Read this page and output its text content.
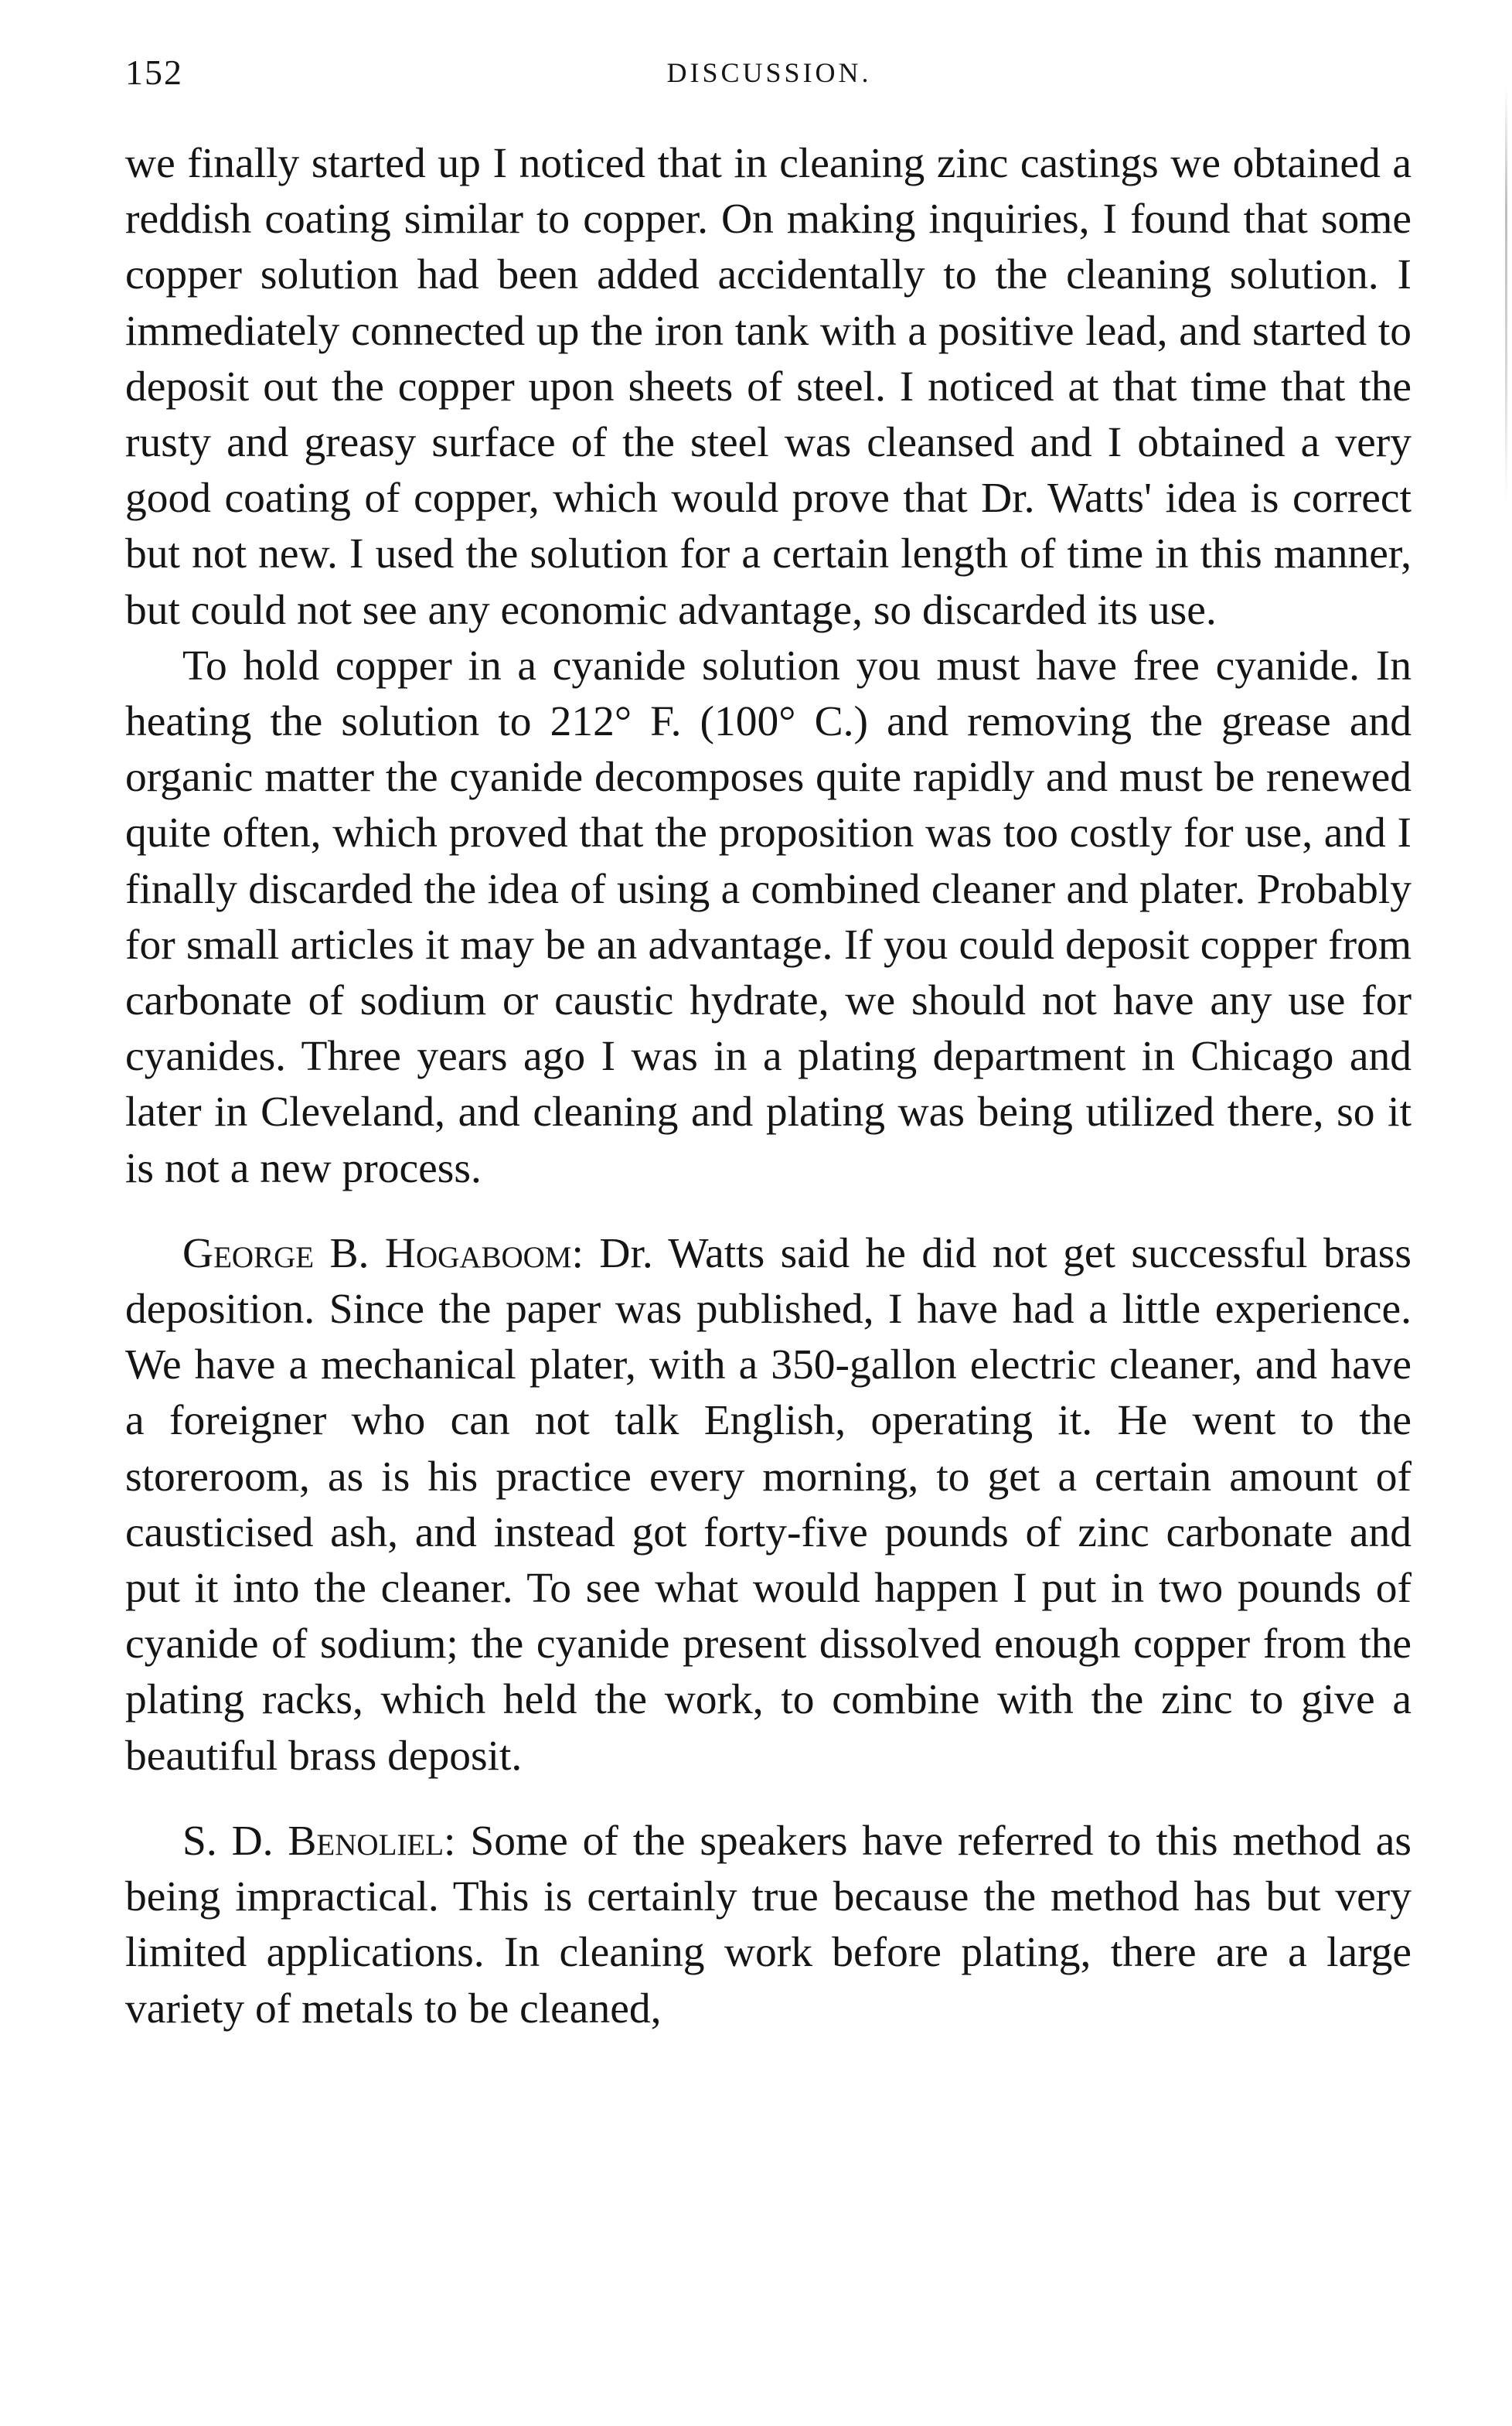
152	DISCUSSION.

we finally started up I noticed that in cleaning zinc castings we obtained a reddish coating similar to copper. On making inquiries, I found that some copper solution had been added accidentally to the cleaning solution. I immediately connected up the iron tank with a positive lead, and started to deposit out the copper upon sheets of steel. I noticed at that time that the rusty and greasy surface of the steel was cleansed and I obtained a very good coating of copper, which would prove that Dr. Watts' idea is correct but not new. I used the solution for a certain length of time in this manner, but could not see any economic advantage, so discarded its use.

To hold copper in a cyanide solution you must have free cyanide. In heating the solution to 212° F. (100° C.) and removing the grease and organic matter the cyanide decomposes quite rapidly and must be renewed quite often, which proved that the proposition was too costly for use, and I finally discarded the idea of using a combined cleaner and plater. Probably for small articles it may be an advantage. If you could deposit copper from carbonate of sodium or caustic hydrate, we should not have any use for cyanides. Three years ago I was in a plating department in Chicago and later in Cleveland, and cleaning and plating was being utilized there, so it is not a new process.

George B. Hogaboom: Dr. Watts said he did not get successful brass deposition. Since the paper was published, I have had a little experience. We have a mechanical plater, with a 350-gallon electric cleaner, and have a foreigner who can not talk English, operating it. He went to the storeroom, as is his practice every morning, to get a certain amount of causticised ash, and instead got forty-five pounds of zinc carbonate and put it into the cleaner. To see what would happen I put in two pounds of cyanide of sodium; the cyanide present dissolved enough copper from the plating racks, which held the work, to combine with the zinc to give a beautiful brass deposit.

S. D. Benoliel: Some of the speakers have referred to this method as being impractical. This is certainly true because the method has but very limited applications. In cleaning work before plating, there are a large variety of metals to be cleaned,
